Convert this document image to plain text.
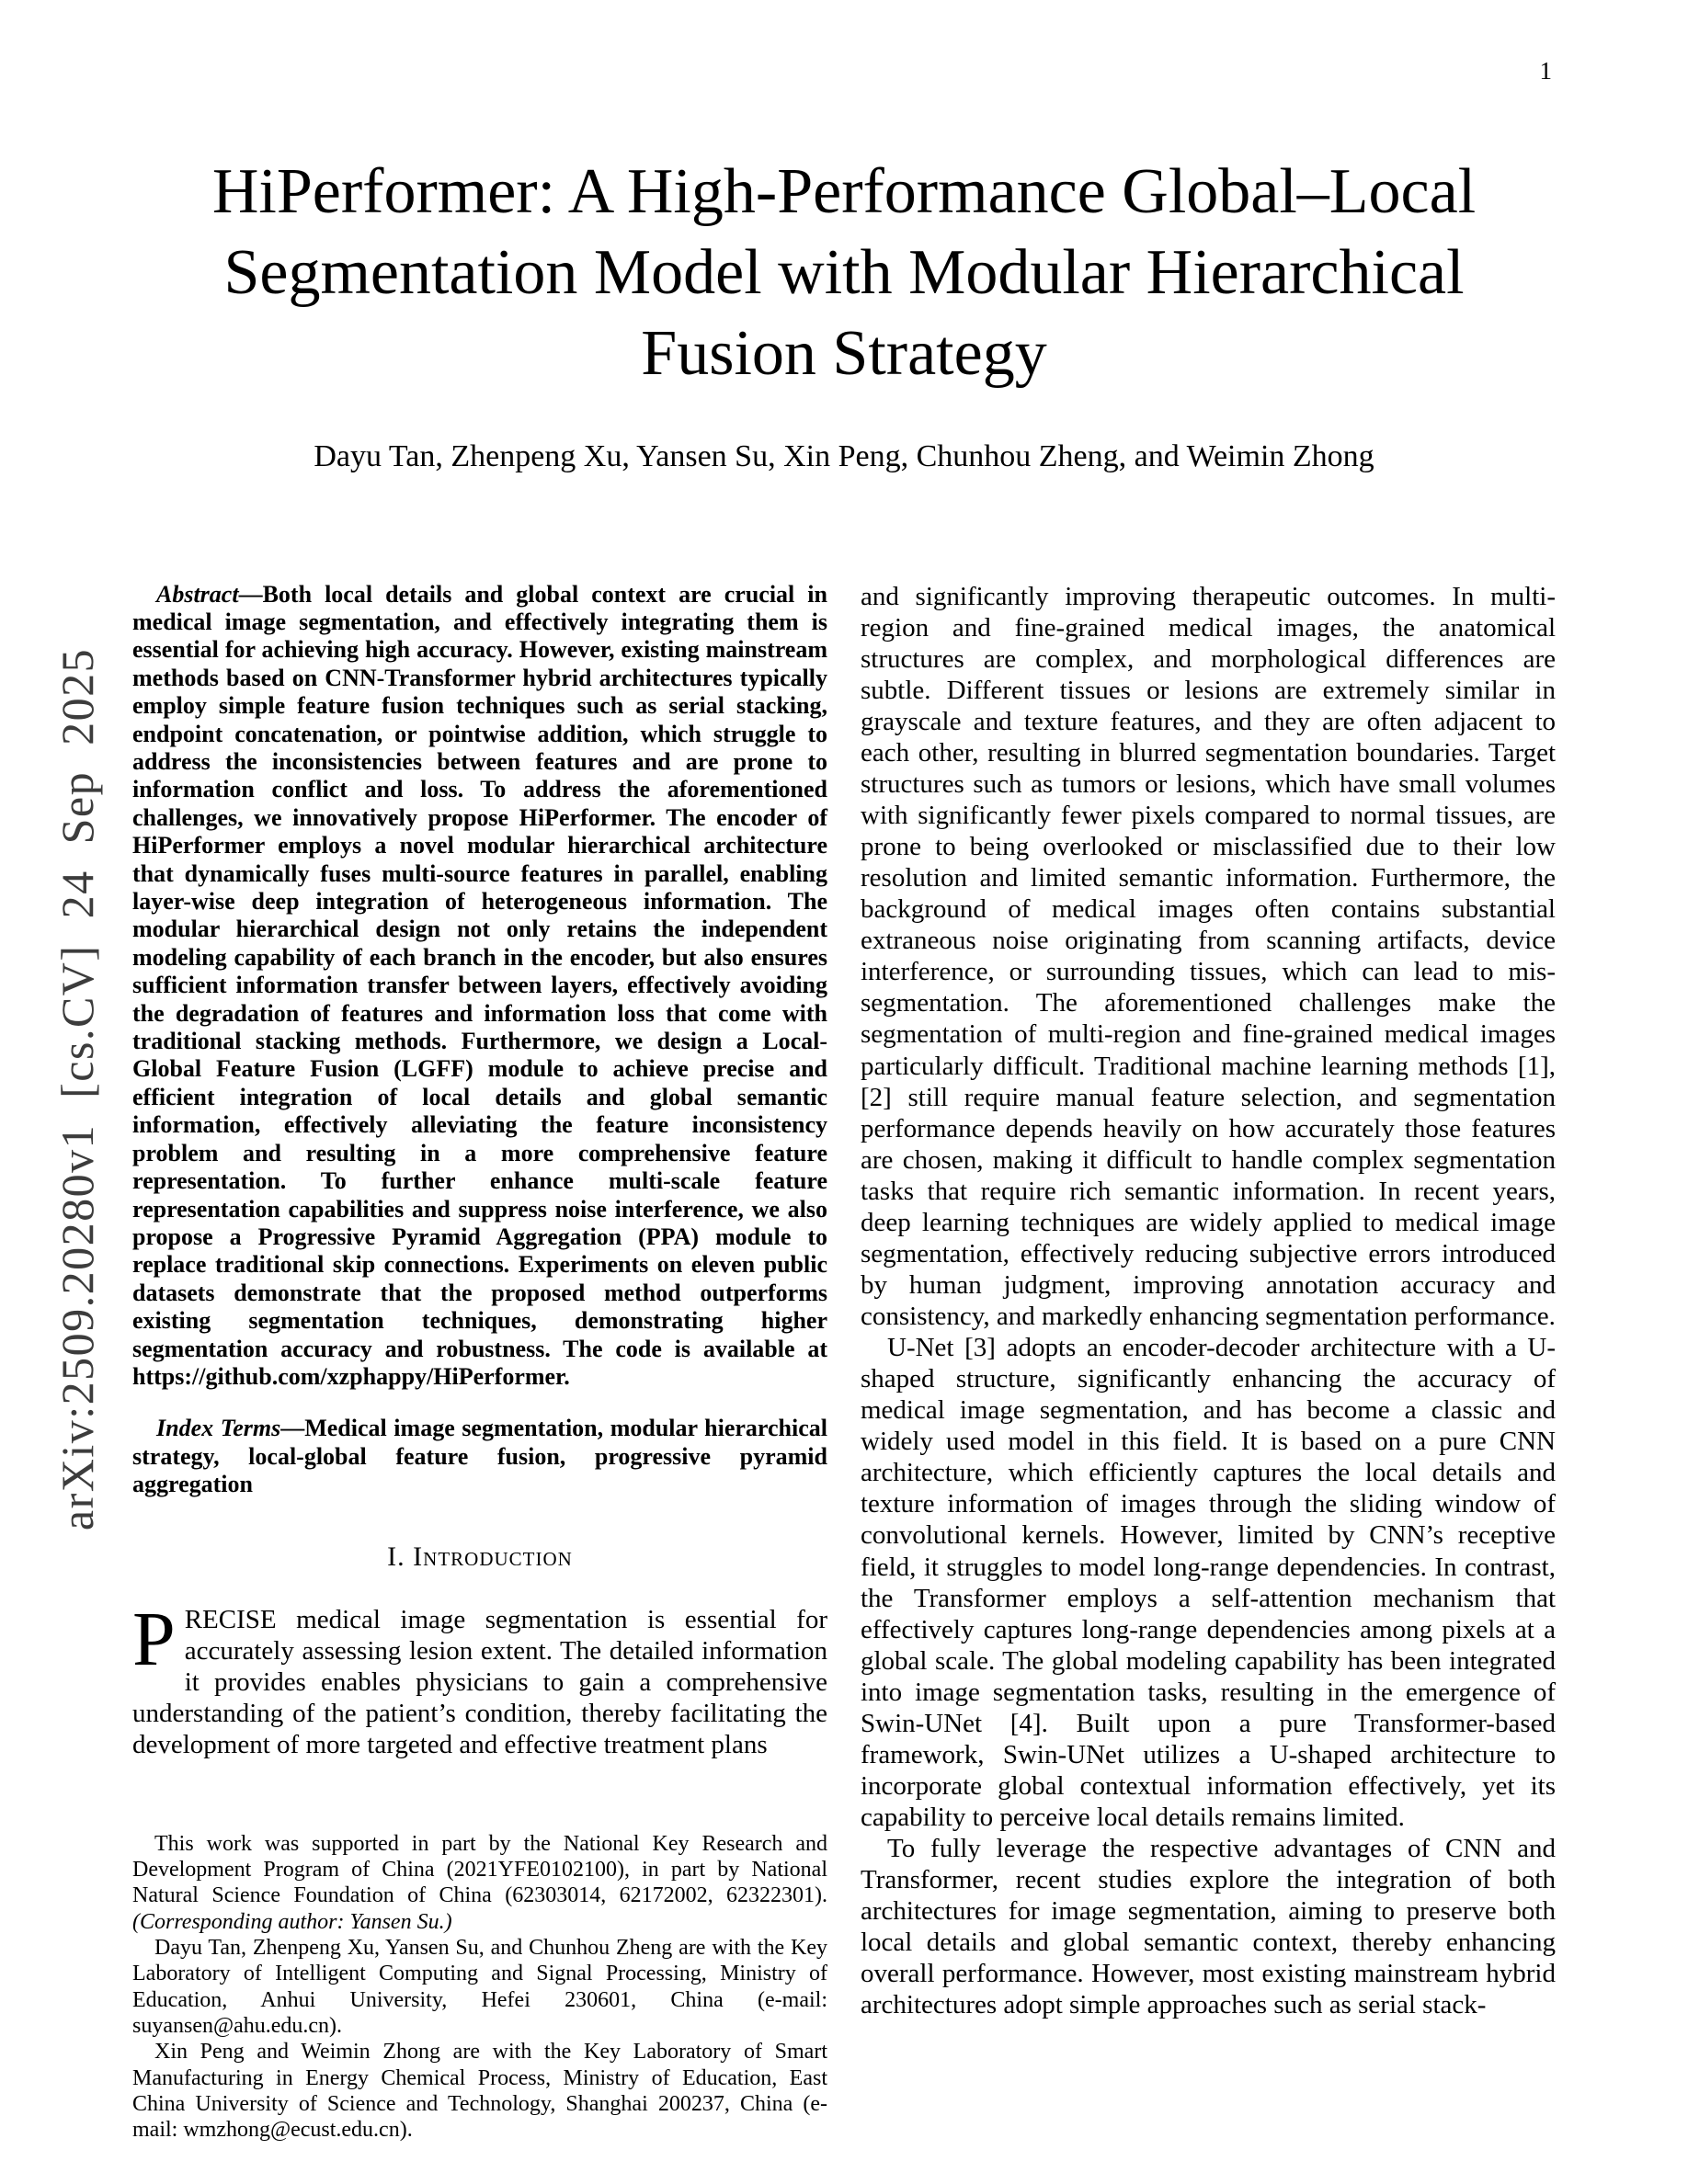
1
arXiv:2509.20280v1 [cs.CV] 24 Sep 2025
HiPerformer: A High-Performance Global–Local Segmentation Model with Modular Hierarchical Fusion Strategy
Dayu Tan, Zhenpeng Xu, Yansen Su, Xin Peng, Chunhou Zheng, and Weimin Zhong

Abstract—Both local details and global context are crucial in medical image segmentation, and effectively integrating them is essential for achieving high accuracy. However, existing mainstream methods based on CNN-Transformer hybrid architectures typically employ simple feature fusion techniques such as serial stacking, endpoint concatenation, or pointwise addition, which struggle to address the inconsistencies between features and are prone to information conflict and loss. To address the aforementioned challenges, we innovatively propose HiPerformer. The encoder of HiPerformer employs a novel modular hierarchical architecture that dynamically fuses multi-source features in parallel, enabling layer-wise deep integration of heterogeneous information. The modular hierarchical design not only retains the independent modeling capability of each branch in the encoder, but also ensures sufficient information transfer between layers, effectively avoiding the degradation of features and information loss that come with traditional stacking methods. Furthermore, we design a Local-Global Feature Fusion (LGFF) module to achieve precise and efficient integration of local details and global semantic information, effectively alleviating the feature inconsistency problem and resulting in a more comprehensive feature representation. To further enhance multi-scale feature representation capabilities and suppress noise interference, we also propose a Progressive Pyramid Aggregation (PPA) module to replace traditional skip connections. Experiments on eleven public datasets demonstrate that the proposed method outperforms existing segmentation techniques, demonstrating higher segmentation accuracy and robustness. The code is available at https://github.com/xzphappy/HiPerformer.

Index Terms—Medical image segmentation, modular hierarchical strategy, local-global feature fusion, progressive pyramid aggregation

I. Introduction

PRECISE medical image segmentation is essential for accurately assessing lesion extent. The detailed information it provides enables physicians to gain a comprehensive understanding of the patient’s condition, thereby facilitating the development of more targeted and effective treatment plans

This work was supported in part by the National Key Research and Development Program of China (2021YFE0102100), in part by National Natural Science Foundation of China (62303014, 62172002, 62322301). (Corresponding author: Yansen Su.)

Dayu Tan, Zhenpeng Xu, Yansen Su, and Chunhou Zheng are with the Key Laboratory of Intelligent Computing and Signal Processing, Ministry of Education, Anhui University, Hefei 230601, China (e-mail: suyansen@ahu.edu.cn).

Xin Peng and Weimin Zhong are with the Key Laboratory of Smart Manufacturing in Energy Chemical Process, Ministry of Education, East China University of Science and Technology, Shanghai 200237, China (e-mail: wmzhong@ecust.edu.cn).

and significantly improving therapeutic outcomes. In multi-region and fine-grained medical images, the anatomical structures are complex, and morphological differences are subtle. Different tissues or lesions are extremely similar in grayscale and texture features, and they are often adjacent to each other, resulting in blurred segmentation boundaries. Target structures such as tumors or lesions, which have small volumes with significantly fewer pixels compared to normal tissues, are prone to being overlooked or misclassified due to their low resolution and limited semantic information. Furthermore, the background of medical images often contains substantial extraneous noise originating from scanning artifacts, device interference, or surrounding tissues, which can lead to mis-segmentation. The aforementioned challenges make the segmentation of multi-region and fine-grained medical images particularly difficult. Traditional machine learning methods [1], [2] still require manual feature selection, and segmentation performance depends heavily on how accurately those features are chosen, making it difficult to handle complex segmentation tasks that require rich semantic information. In recent years, deep learning techniques are widely applied to medical image segmentation, effectively reducing subjective errors introduced by human judgment, improving annotation accuracy and consistency, and markedly enhancing segmentation performance.

U-Net [3] adopts an encoder-decoder architecture with a U-shaped structure, significantly enhancing the accuracy of medical image segmentation, and has become a classic and widely used model in this field. It is based on a pure CNN architecture, which efficiently captures the local details and texture information of images through the sliding window of convolutional kernels. However, limited by CNN’s receptive field, it struggles to model long-range dependencies. In contrast, the Transformer employs a self-attention mechanism that effectively captures long-range dependencies among pixels at a global scale. The global modeling capability has been integrated into image segmentation tasks, resulting in the emergence of Swin-UNet [4]. Built upon a pure Transformer-based framework, Swin-UNet utilizes a U-shaped architecture to incorporate global contextual information effectively, yet its capability to perceive local details remains limited.

To fully leverage the respective advantages of CNN and Transformer, recent studies explore the integration of both architectures for image segmentation, aiming to preserve both local details and global semantic context, thereby enhancing overall performance. However, most existing mainstream hybrid architectures adopt simple approaches such as serial stack-
